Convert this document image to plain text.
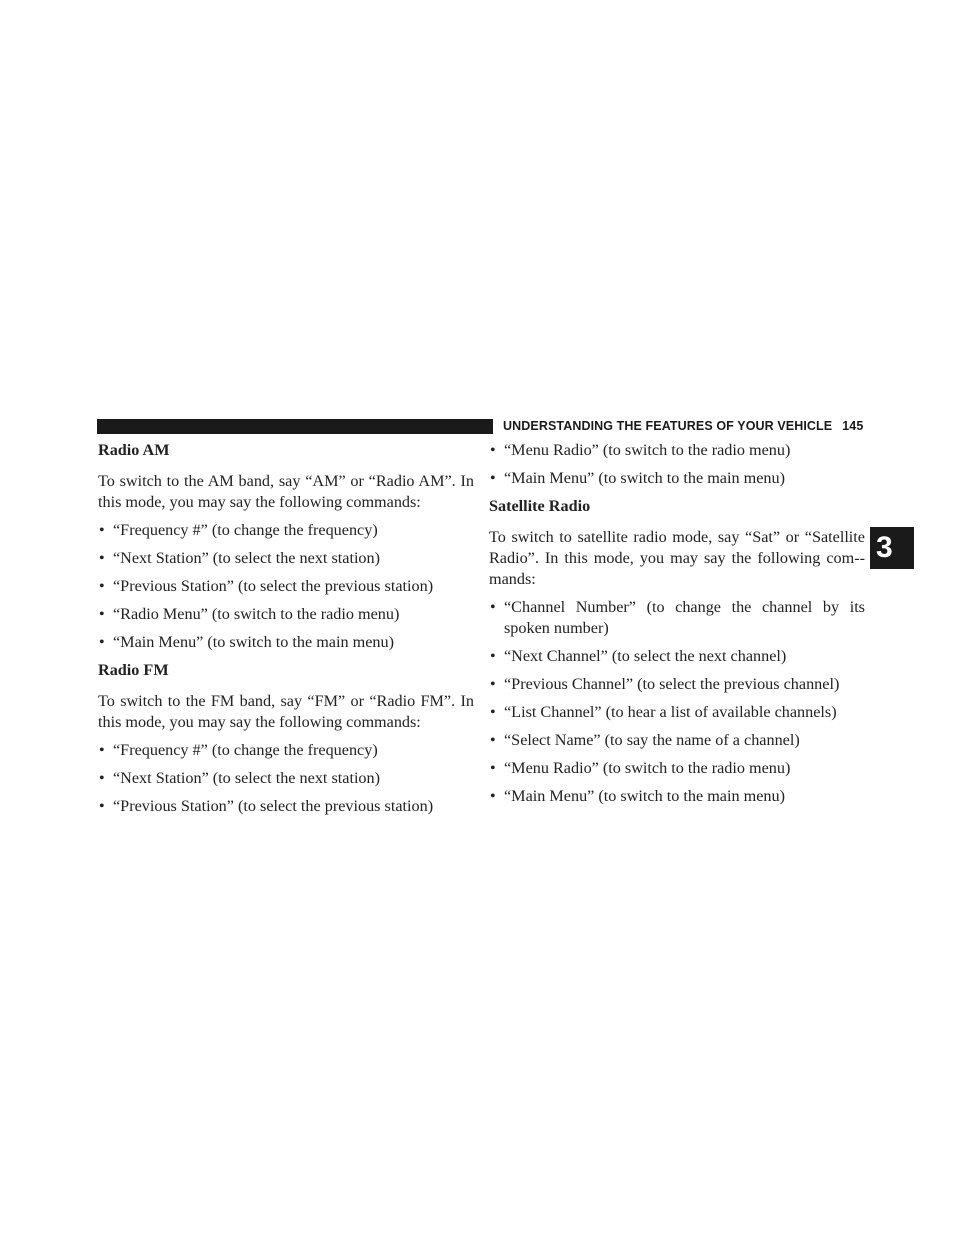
UNDERSTANDING THE FEATURES OF YOUR VEHICLE 145
3
Radio AM

To switch to the AM band, say “AM” or “Radio AM”. In this mode, you may say the following commands:

• “Frequency #” (to change the frequency)
• “Next Station” (to select the next station)
• “Previous Station” (to select the previous station)
• “Radio Menu” (to switch to the radio menu)
• “Main Menu” (to switch to the main menu)
Radio FM

To switch to the FM band, say “FM” or “Radio FM”. In this mode, you may say the following commands:

• “Frequency #” (to change the frequency)
• “Next Station” (to select the next station)
• “Previous Station” (to select the previous station)
• “Menu Radio” (to switch to the radio menu)
• “Main Menu” (to switch to the main menu)
Satellite Radio

To switch to satellite radio mode, say “Sat” or “Satellite Radio”. In this mode, you may say the following com-mands:

• “Channel Number” (to change the channel by its spoken number)
• “Next Channel” (to select the next channel)
• “Previous Channel” (to select the previous channel)
• “List Channel” (to hear a list of available channels)
• “Select Name” (to say the name of a channel)
• “Menu Radio” (to switch to the radio menu)
• “Main Menu” (to switch to the main menu)
